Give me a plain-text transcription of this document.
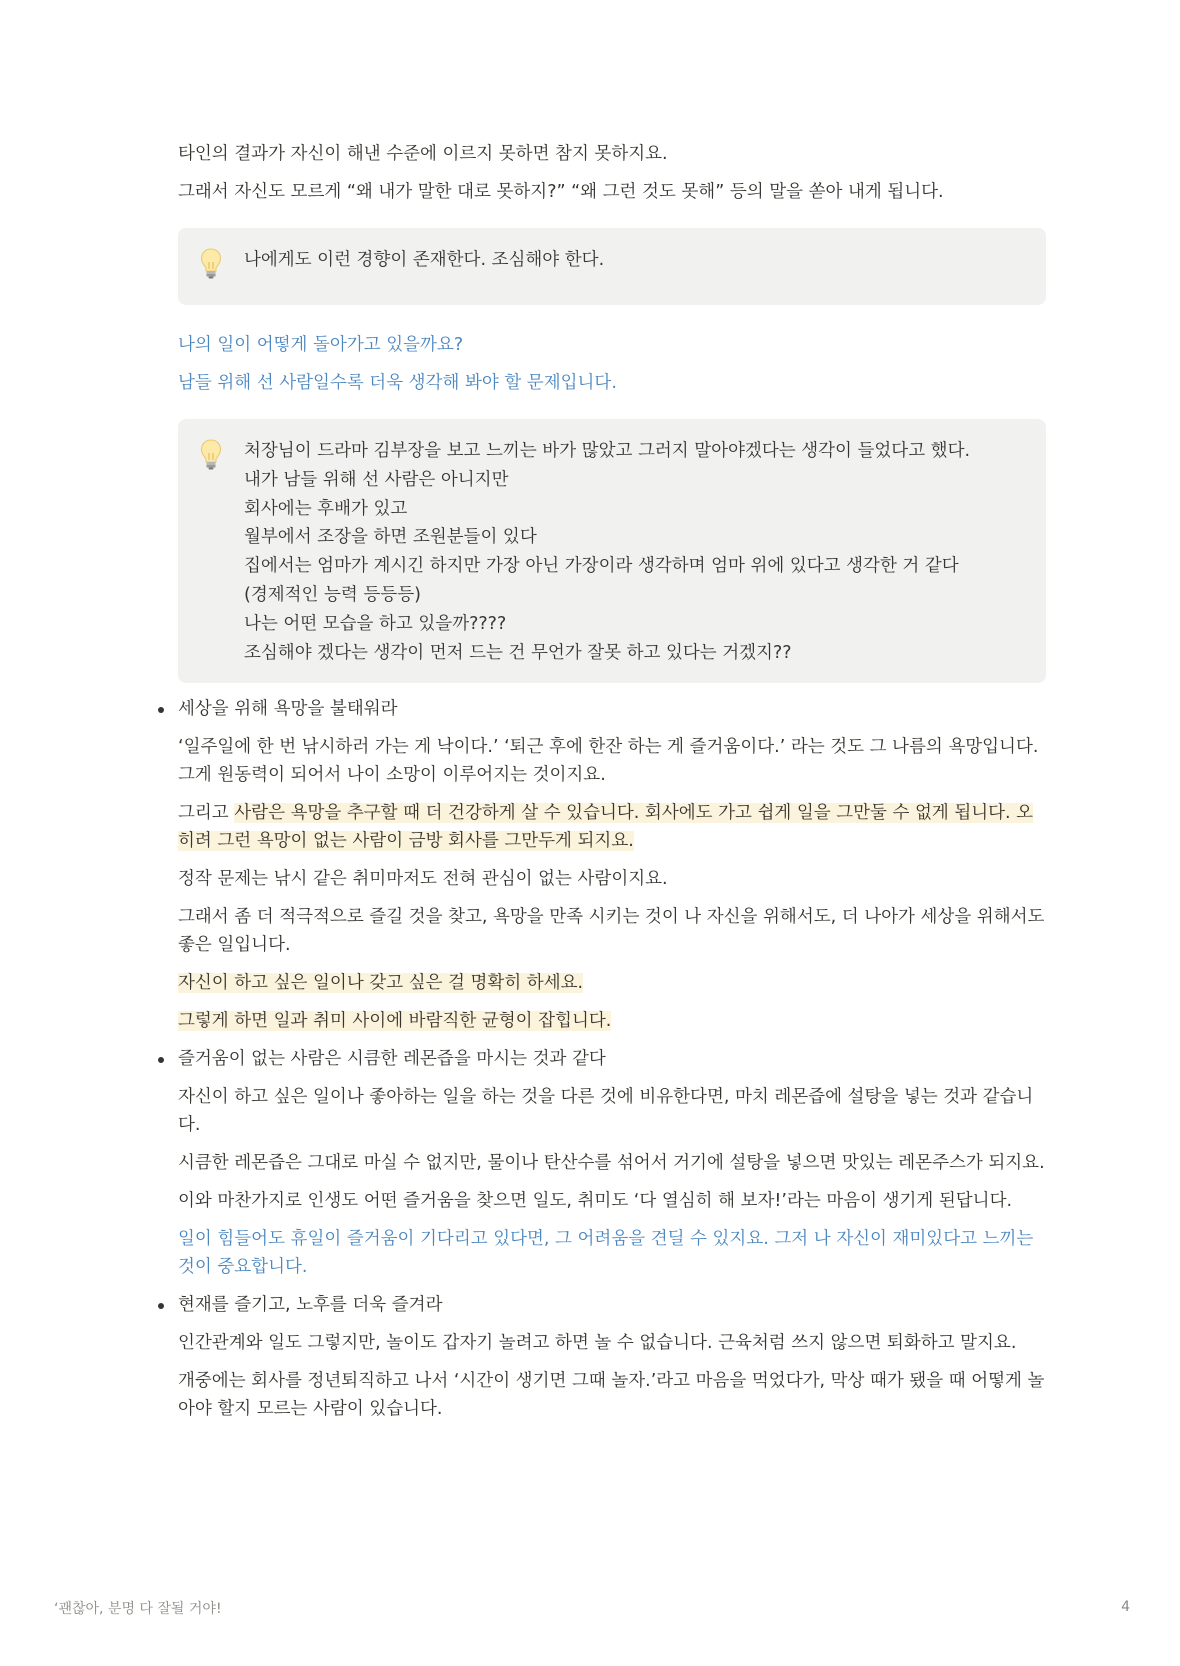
타인의 결과가 자신이 해낸 수준에 이르지 못하면 참지 못하지요.

그래서 자신도 모르게 “왜 내가 말한 대로 못하지?” “왜 그런 것도 못해” 등의 말을 쏟아 내게 됩니다.

나에게도 이런 경향이 존재한다. 조심해야 한다.

나의 일이 어떻게 돌아가고 있을까요?

남들 위해 선 사람일수록 더욱 생각해 봐야 할 문제입니다.

처장님이 드라마 김부장을 보고 느끼는 바가 많았고 그러지 말아야겠다는 생각이 들었다고 했다.

내가 남들 위해 선 사람은 아니지만

회사에는 후배가 있고

월부에서 조장을 하면 조원분들이 있다

집에서는 엄마가 계시긴 하지만 가장 아닌 가장이라 생각하며 엄마 위에 있다고 생각한 거 같다

(경제적인 능력 등등등)

나는 어떤 모습을 하고 있을까????

조심해야 겠다는 생각이 먼저 드는 건 무언가 잘못 하고 있다는 거겠지??

세상을 위해 욕망을 불태워라

‘일주일에 한 번 낚시하러 가는 게 낙이다.’ ‘퇴근 후에 한잔 하는 게 즐거움이다.’ 라는 것도 그 나름의 욕망입니다. 그게 원동력이 되어서 나이 소망이 이루어지는 것이지요.

그리고 사람은 욕망을 추구할 때 더 건강하게 살 수 있습니다. 회사에도 가고 쉽게 일을 그만둘 수 없게 됩니다. 오히려 그런 욕망이 없는 사람이 금방 회사를 그만두게 되지요.

정작 문제는 낚시 같은 취미마저도 전혀 관심이 없는 사람이지요.

그래서 좀 더 적극적으로 즐길 것을 찾고, 욕망을 만족 시키는 것이 나 자신을 위해서도, 더 나아가 세상을 위해서도 좋은 일입니다.

자신이 하고 싶은 일이나 갖고 싶은 걸 명확히 하세요.

그렇게 하면 일과 취미 사이에 바람직한 균형이 잡힙니다.

즐거움이 없는 사람은 시큼한 레몬즙을 마시는 것과 같다

자신이 하고 싶은 일이나 좋아하는 일을 하는 것을 다른 것에 비유한다면, 마치 레몬즙에 설탕을 넣는 것과 같습니다.

시큼한 레몬즙은 그대로 마실 수 없지만, 물이나 탄산수를 섞어서 거기에 설탕을 넣으면 맛있는 레몬주스가 되지요.

이와 마찬가지로 인생도 어떤 즐거움을 찾으면 일도, 취미도 ‘다 열심히 해 보자!’라는 마음이 생기게 된답니다.

일이 힘들어도 휴일이 즐거움이 기다리고 있다면, 그 어려움을 견딜 수 있지요. 그저 나 자신이 재미있다고 느끼는 것이 중요합니다.

현재를 즐기고, 노후를 더욱 즐겨라

인간관계와 일도 그렇지만, 놀이도 갑자기 놀려고 하면 놀 수 없습니다. 근육처럼 쓰지 않으면 퇴화하고 말지요.

개중에는 회사를 정년퇴직하고 나서 ‘시간이 생기면 그때 놀자.’라고 마음을 먹었다가, 막상 때가 됐을 때 어떻게 놀아야 할지 모르는 사람이 있습니다.

‘괜찮아, 분명 다 잘될 거야!	4
